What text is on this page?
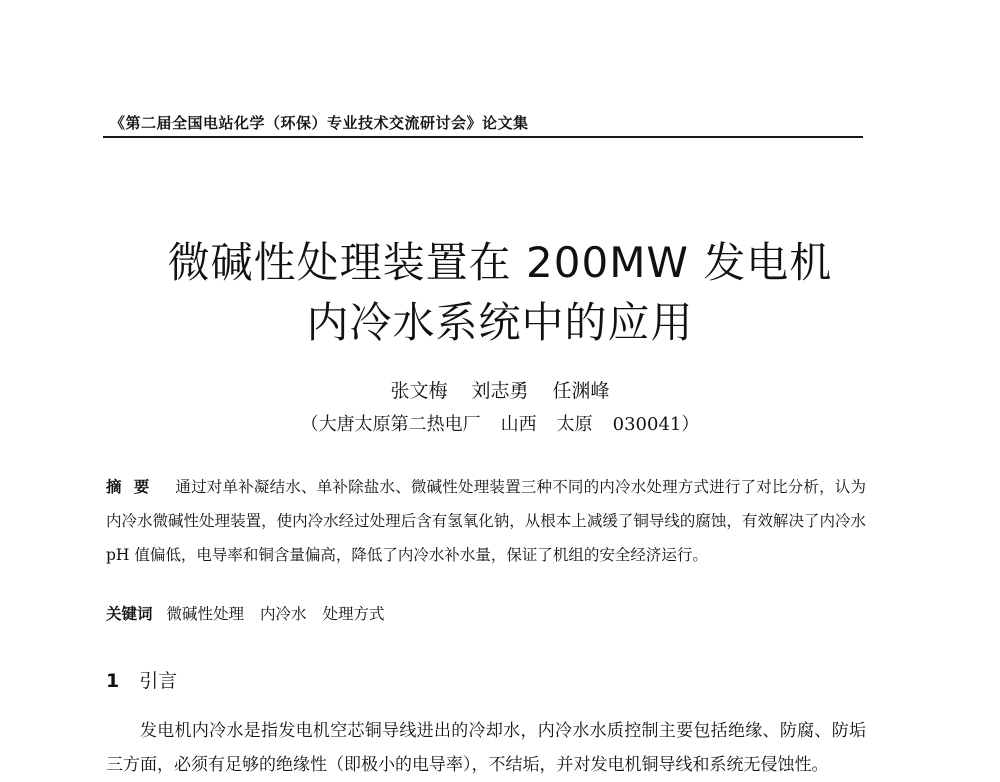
《第二届全国电站化学（环保）专业技术交流研讨会》论文集
微碱性处理装置在 200MW 发电机
内冷水系统中的应用
张文梅 刘志勇 任渊峰
（大唐太原第二热电厂 山西 太原 030041）
摘要 通过对单补凝结水、单补除盐水、微碱性处理装置三种不同的内冷水处理方式进行了对比分析，认为内冷水微碱性处理装置，使内冷水经过处理后含有氢氧化钠，从根本上减缓了铜导线的腐蚀，有效解决了内冷水 pH 值偏低，电导率和铜含量偏高，降低了内冷水补水量，保证了机组的安全经济运行。
关键词 微碱性处理 内冷水 处理方式
1 引言
发电机内冷水是指发电机空芯铜导线进出的冷却水，内冷水水质控制主要包括绝缘、防腐、防垢三方面，必须有足够的绝缘性（即极小的电导率），不结垢，并对发电机铜导线和系统无侵蚀性。
